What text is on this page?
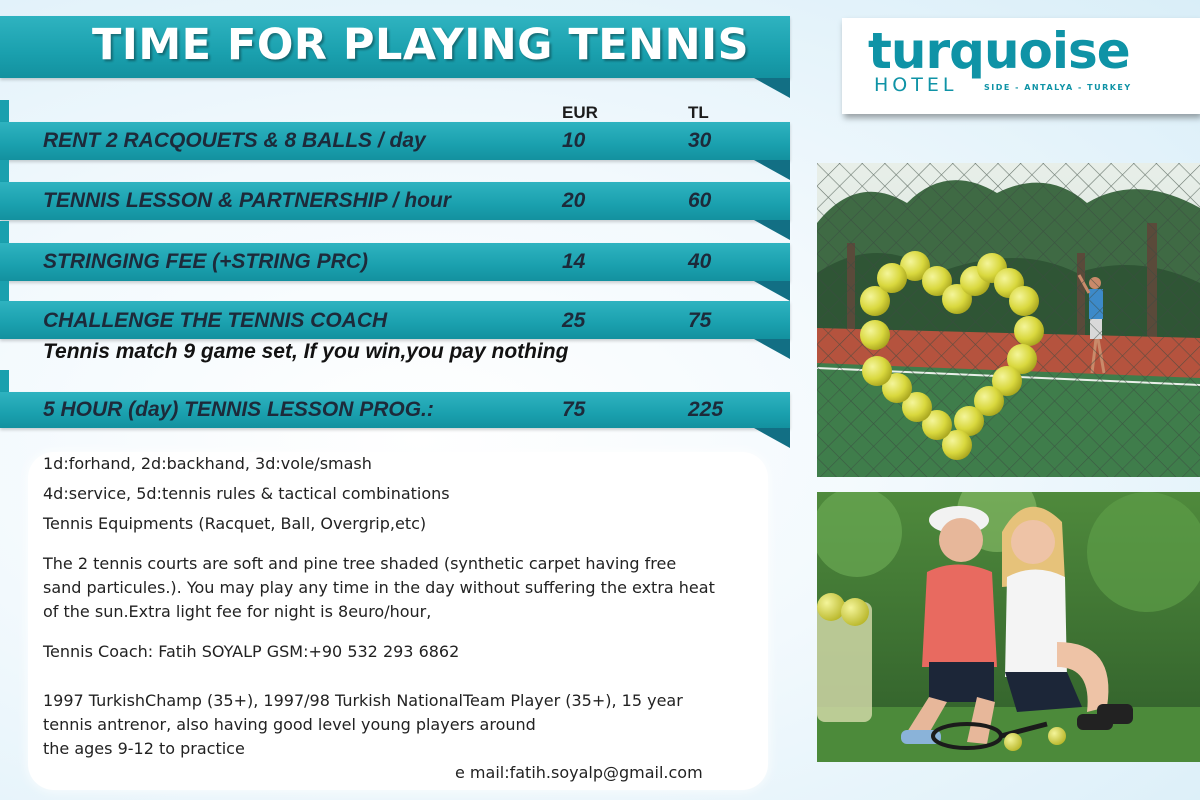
TIME FOR PLAYING TENNIS
EUR	TL
RENT 2 RACQOUETS & 8 BALLS / day	10	30
TENNIS LESSON & PARTNERSHIP / hour	20	60
STRINGING FEE (+STRING PRC)	14	40
CHALLENGE THE TENNIS COACH	25	75
Tennis match 9 game set, If you win,you pay nothing
5 HOUR (day) TENNIS LESSON PROG.:	75	225
1d:forhand, 2d:backhand, 3d:vole/smash
4d:service, 5d:tennis rules & tactical combinations
Tennis Equipments (Racquet, Ball, Overgrip,etc)
The 2 tennis courts are soft and pine tree shaded (synthetic carpet having free
sand particules.). You may play any time in the day without suffering the extra heat
of the sun.Extra light fee for night is 8euro/hour,
Tennis Coach: Fatih SOYALP GSM:+90 532 293 6862
1997 TurkishChamp (35+), 1997/98 Turkish NationalTeam Player (35+), 15 year
tennis antrenor, also having good level young players around
the ages 9-12 to practice
e mail:fatih.soyalp@gmail.com
turquoise
HOTEL	SIDE - ANTALYA - TURKEY
